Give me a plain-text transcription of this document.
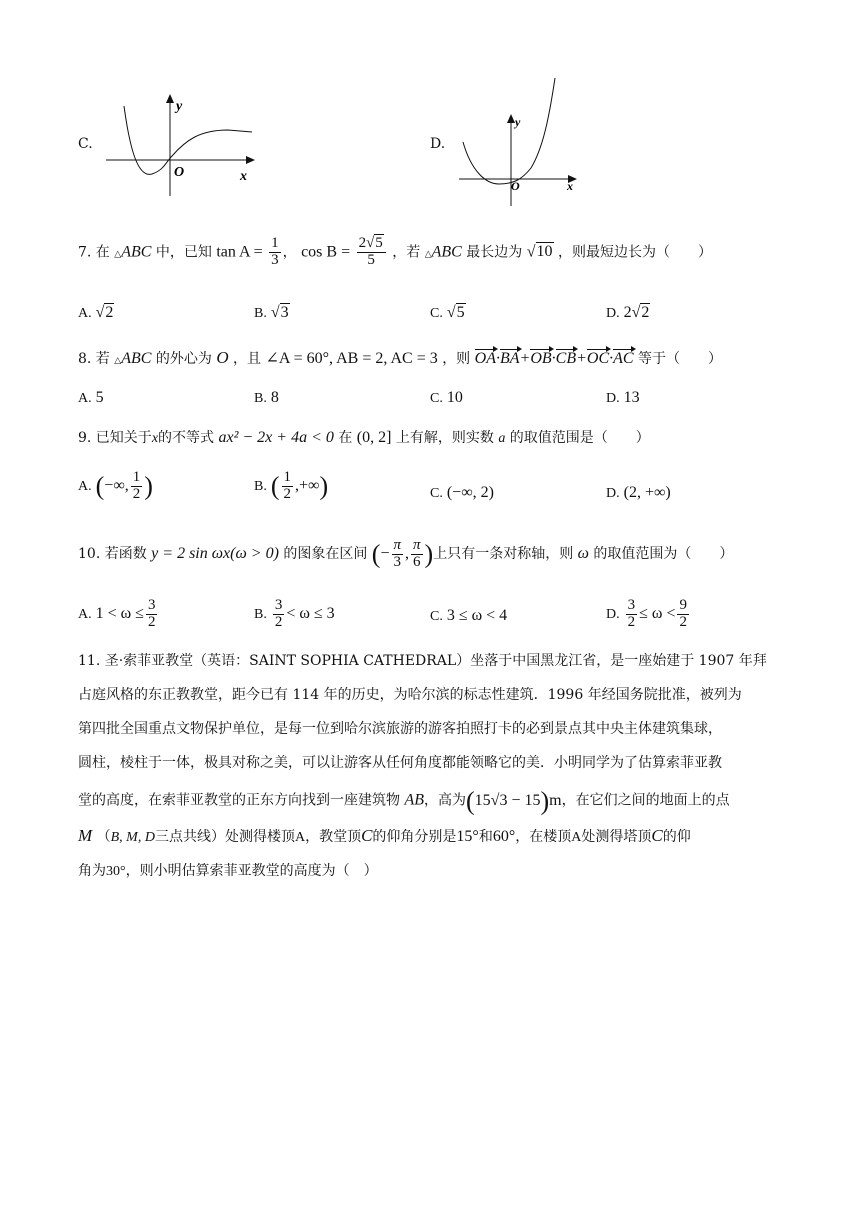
C.
y
O	x
D.
y
O	x
7. 在 △ABC 中，已知 $\tan A = \frac{1}{3}$ ， $\cos B = \frac{2√5}{5}$ ，若 △ABC 最长边为 √10 ，则最短边长为（　　）
A. √2	B. √3	C. √5	D. 2√2
8. 若 △ABC 的外心为 O ，且 ∠A = 60°, AB = 2, AC = 3 ，则 OA·BA+OB·CB+OC·AC 等于（　　）
A. 5	B. 8	C. 10	D. 13
9. 已知关于x的不等式 ax² − 2x + 4a < 0 在 (0, 2] 上有解，则实数 a 的取值范围是（　　）
A. (−∞, $\frac{1}{2}$ )	B. ( $\frac{1}{2}$ ,+∞)	C. (−∞, 2)	D. (2, +∞)
10. 若函数 y = 2 sin ωx(ω > 0) 的图象在区间 (− $\frac{\pi}{3}$ , $\frac{\pi}{6}$ )上只有一条对称轴，则 ω 的取值范围为（　　）
A. $1 < \omega \le \frac{3}{2}$	B. $\frac{3}{2} < \omega \le 3$	C. 3 ≤ ω < 4	D. $\frac{3}{2} \le \omega < \frac{9}{2}$
11. 圣·索菲亚教堂（英语：SAINT SOPHIA CATHEDRAL）坐落于中国黑龙江省，是一座始建于 1907 年拜
占庭风格的东正教教堂，距今已有 114 年的历史，为哈尔滨的标志性建筑．1996 年经国务院批准，被列为
第四批全国重点文物保护单位，是每一位到哈尔滨旅游的游客拍照打卡的必到景点其中央主体建筑集球，
圆柱，棱柱于一体，极具对称之美，可以让游客从任何角度都能领略它的美．小明同学为了估算索菲亚教
堂的高度，在索菲亚教堂的正东方向找到一座建筑物 AB，高为(15√3 − 15)m，在它们之间的地面上的点
M （B, M, D三点共线）处测得楼顶A，教堂顶C的仰角分别是15°和60°，在楼顶A处测得塔顶C的仰
角为30°，则小明估算索菲亚教堂的高度为（　）
